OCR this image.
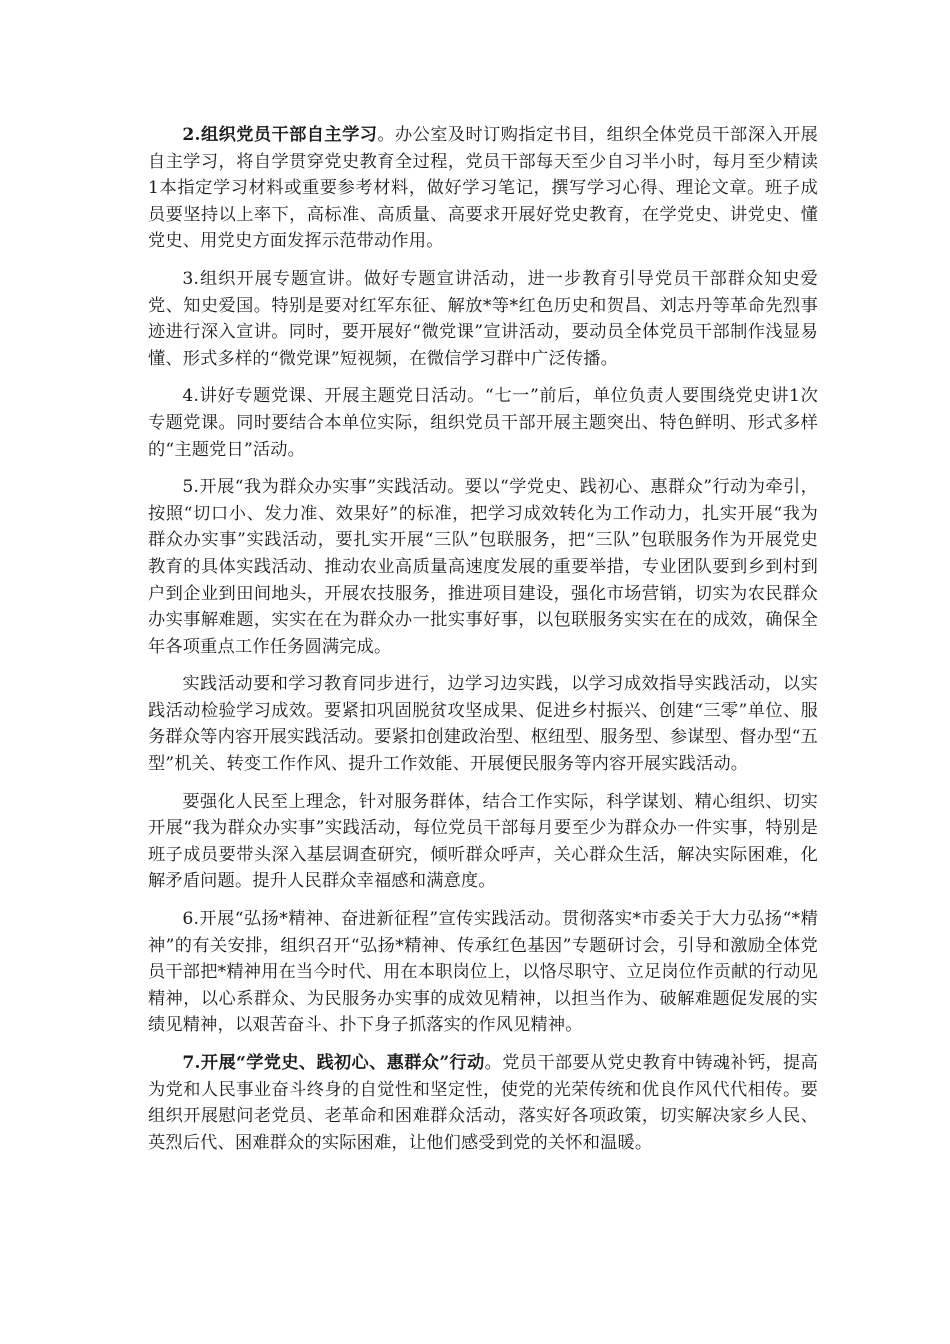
2.组织党员干部自主学习。办公室及时订购指定书目，组织全体党员干部深入开展自主学习，将自学贯穿党史教育全过程，党员干部每天至少自习半小时，每月至少精读1本指定学习材料或重要参考材料，做好学习笔记，撰写学习心得、理论文章。班子成员要坚持以上率下，高标准、高质量、高要求开展好党史教育，在学党史、讲党史、懂党史、用党史方面发挥示范带动作用。

3.组织开展专题宣讲。做好专题宣讲活动，进一步教育引导党员干部群众知史爱党、知史爱国。特别是要对红军东征、解放*等*红色历史和贺昌、刘志丹等革命先烈事迹进行深入宣讲。同时，要开展好“微党课”宣讲活动，要动员全体党员干部制作浅显易懂、形式多样的“微党课”短视频，在微信学习群中广泛传播。

4.讲好专题党课、开展主题党日活动。“七一”前后，单位负责人要围绕党史讲1次专题党课。同时要结合本单位实际，组织党员干部开展主题突出、特色鲜明、形式多样的“主题党日”活动。

5.开展“我为群众办实事”实践活动。要以“学党史、践初心、惠群众”行动为牵引，按照“切口小、发力准、效果好”的标准，把学习成效转化为工作动力，扎实开展“我为群众办实事”实践活动，要扎实开展“三队”包联服务，把“三队”包联服务作为开展党史教育的具体实践活动、推动农业高质量高速度发展的重要举措，专业团队要到乡到村到户到企业到田间地头，开展农技服务，推进项目建设，强化市场营销，切实为农民群众办实事解难题，实实在在为群众办一批实事好事，以包联服务实实在在的成效，确保全年各项重点工作任务圆满完成。

实践活动要和学习教育同步进行，边学习边实践，以学习成效指导实践活动，以实践活动检验学习成效。要紧扣巩固脱贫攻坚成果、促进乡村振兴、创建“三零”单位、服务群众等内容开展实践活动。要紧扣创建政治型、枢纽型、服务型、参谋型、督办型“五型”机关、转变工作作风、提升工作效能、开展便民服务等内容开展实践活动。

要强化人民至上理念，针对服务群体，结合工作实际，科学谋划、精心组织、切实开展“我为群众办实事”实践活动，每位党员干部每月要至少为群众办一件实事，特别是班子成员要带头深入基层调查研究，倾听群众呼声，关心群众生活，解决实际困难，化解矛盾问题。提升人民群众幸福感和满意度。

6.开展“弘扬*精神、奋进新征程”宣传实践活动。贯彻落实*市委关于大力弘扬“*精神”的有关安排，组织召开“弘扬*精神、传承红色基因”专题研讨会，引导和激励全体党员干部把*精神用在当今时代、用在本职岗位上，以恪尽职守、立足岗位作贡献的行动见精神，以心系群众、为民服务办实事的成效见精神，以担当作为、破解难题促发展的实绩见精神，以艰苦奋斗、扑下身子抓落实的作风见精神。

7.开展“学党史、践初心、惠群众”行动。党员干部要从党史教育中铸魂补钙，提高为党和人民事业奋斗终身的自觉性和坚定性，使党的光荣传统和优良作风代代相传。要组织开展慰问老党员、老革命和困难群众活动，落实好各项政策，切实解决家乡人民、英烈后代、困难群众的实际困难，让他们感受到党的关怀和温暖。
